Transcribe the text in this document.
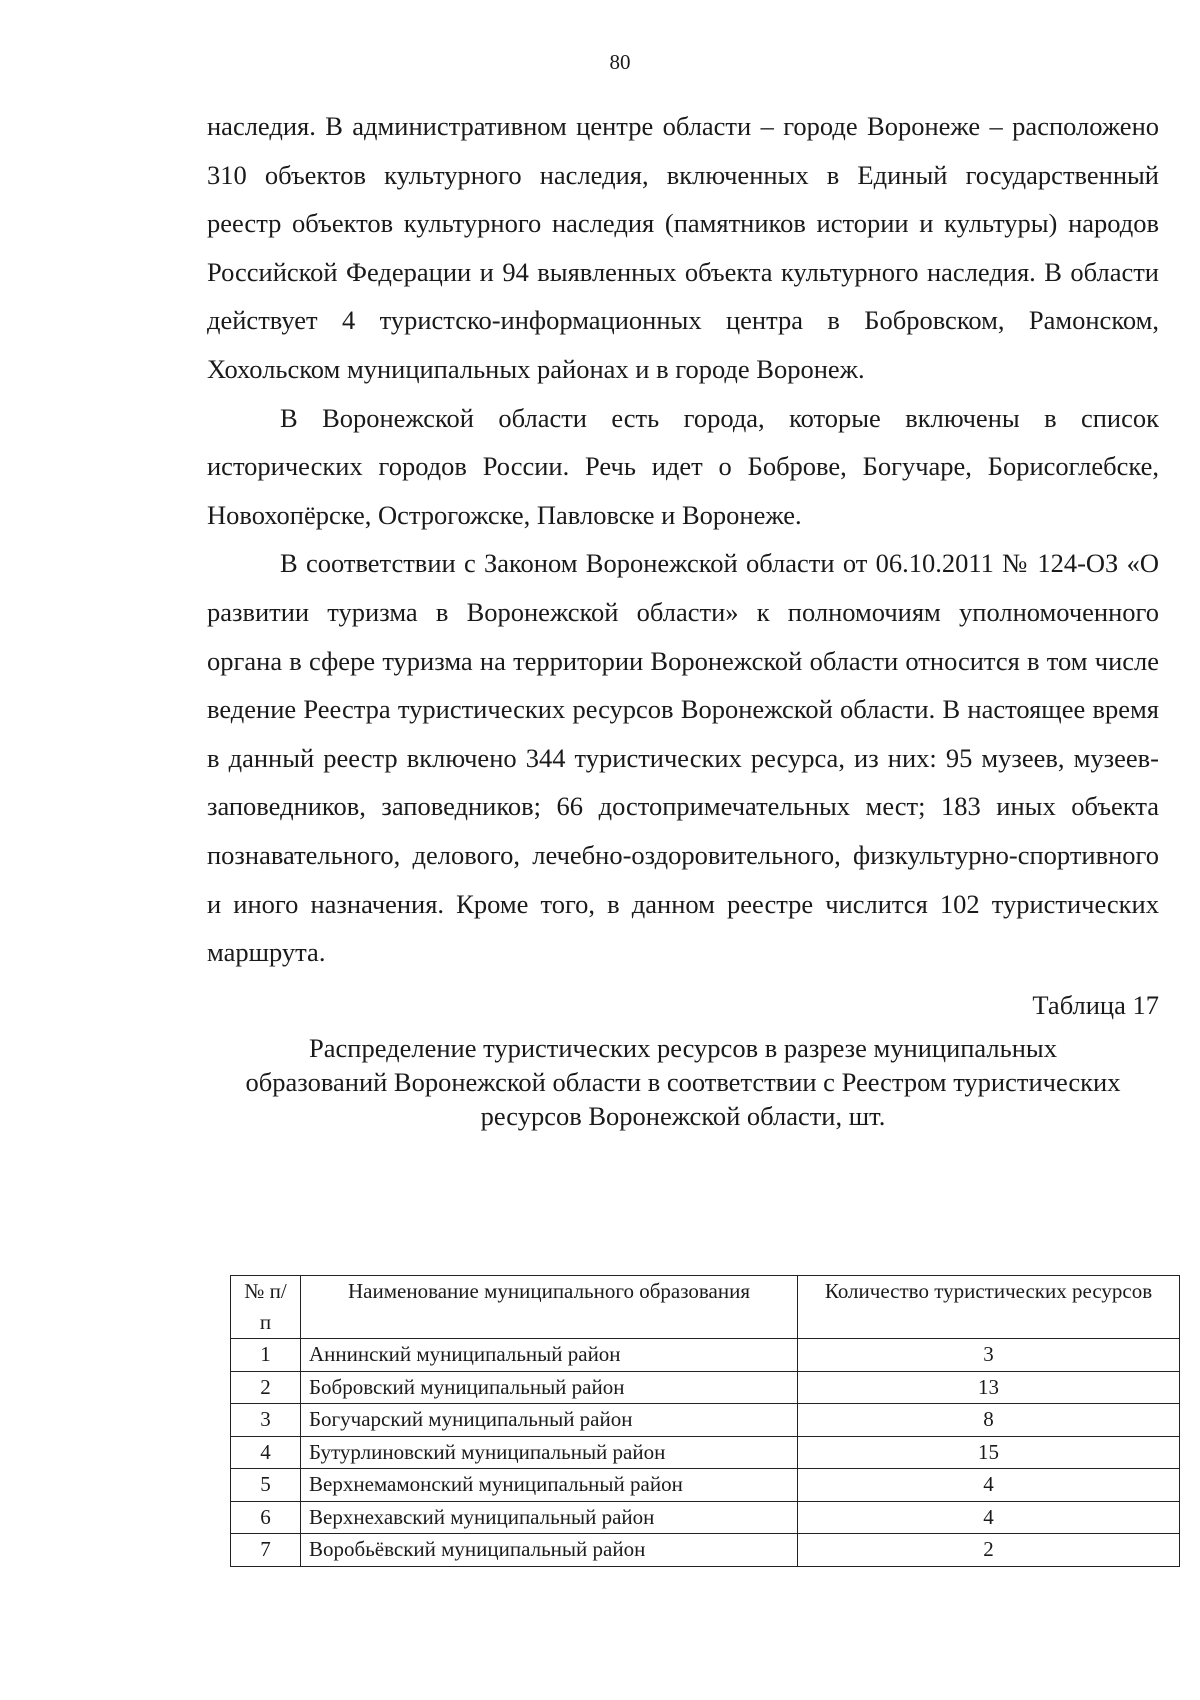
80

наследия. В административном центре области – городе Воронеже – расположено 310 объектов культурного наследия, включенных в Единый государственный реестр объектов культурного наследия (памятников истории и культуры) народов Российской Федерации и 94 выявленных объекта культурного наследия. В области действует 4 туристско-информационных центра в Бобровском, Рамонском, Хохольском муниципальных районах и в городе Воронеж.

В Воронежской области есть города, которые включены в список исторических городов России. Речь идет о Боброве, Богучаре, Борисоглебске, Новохопёрске, Острогожске, Павловске и Воронеже.

В соответствии с Законом Воронежской области от 06.10.2011 № 124-ОЗ «О развитии туризма в Воронежской области» к полномочиям уполномоченного органа в сфере туризма на территории Воронежской области относится в том числе ведение Реестра туристических ресурсов Воронежской области. В настоящее время в данный реестр включено 344 туристических ресурса, из них: 95 музеев, музеев-заповедников, заповедников; 66 достопримечательных мест; 183 иных объекта познавательного, делового, лечебно-оздоровительного, физкультурно-спортивного и иного назначения. Кроме того, в данном реестре числится 102 туристических маршрута.

Таблица 17
Распределение туристических ресурсов в разрезе муниципальных
образований Воронежской области в соответствии с Реестром туристических
ресурсов Воронежской области, шт.
№ п/п	Наименование муниципального образования	Количество туристических ресурсов
1	Аннинский муниципальный район	3
2	Бобровский муниципальный район	13
3	Богучарский муниципальный район	8
4	Бутурлиновский муниципальный район	15
5	Верхнемамонский муниципальный район	4
6	Верхнехавский муниципальный район	4
7	Воробьёвский муниципальный район	2
